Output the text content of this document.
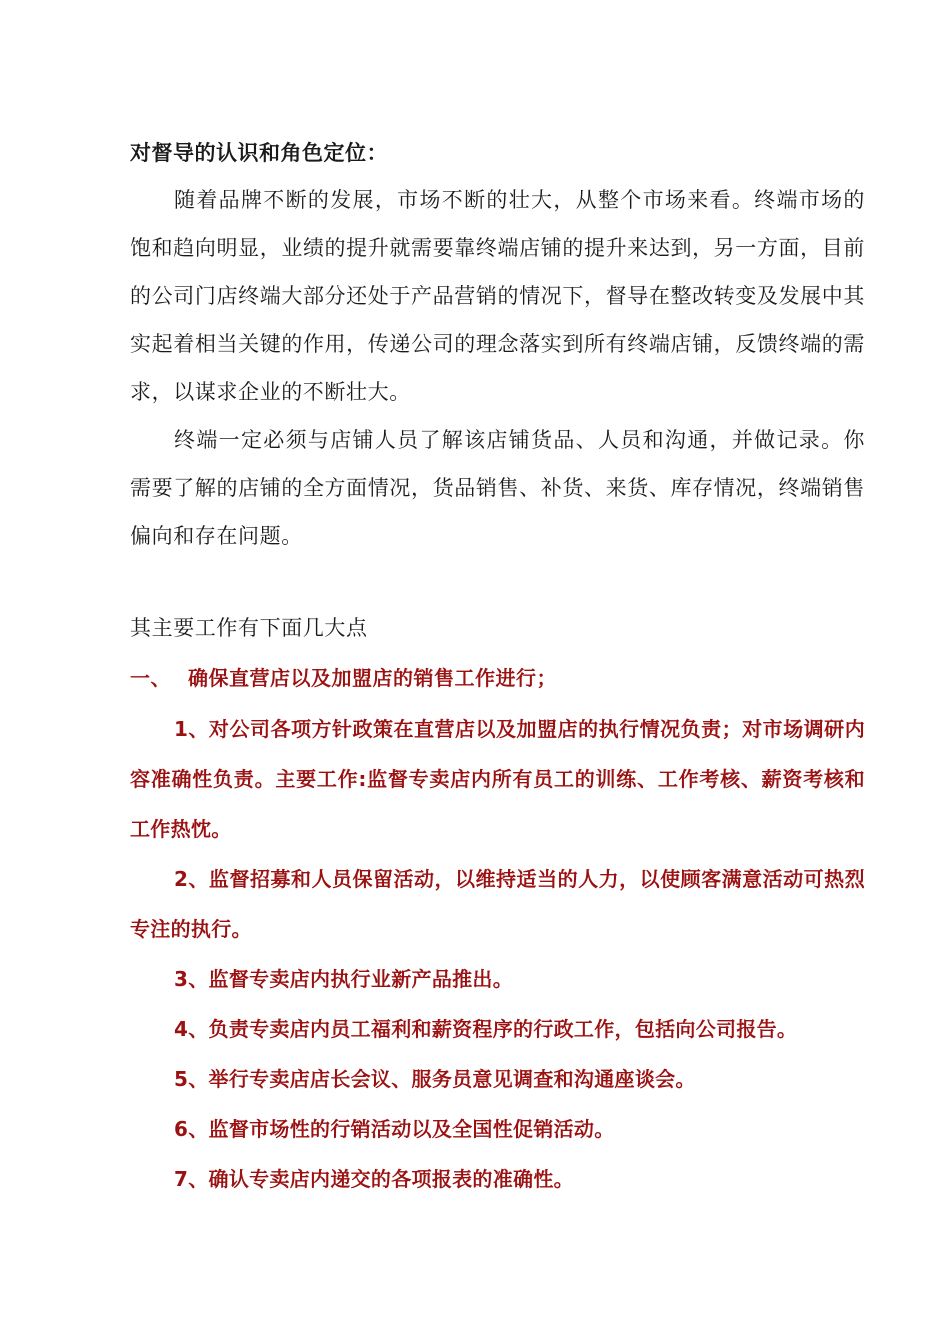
对督导的认识和角色定位：

随着品牌不断的发展，市场不断的壮大，从整个市场来看。终端市场的饱和趋向明显，业绩的提升就需要靠终端店铺的提升来达到，另一方面，目前的公司门店终端大部分还处于产品营销的情况下，督导在整改转变及发展中其实起着相当关键的作用，传递公司的理念落实到所有终端店铺，反馈终端的需求，以谋求企业的不断壮大。

终端一定必须与店铺人员了解该店铺货品、人员和沟通，并做记录。你需要了解的店铺的全方面情况，货品销售、补货、来货、库存情况，终端销售偏向和存在问题。

其主要工作有下面几大点

一、 确保直营店以及加盟店的销售工作进行；

1、对公司各项方针政策在直营店以及加盟店的执行情况负责；对市场调研内容准确性负责。主要工作:监督专卖店内所有员工的训练、工作考核、薪资考核和工作热忱。

2、监督招募和人员保留活动，以维持适当的人力，以使顾客满意活动可热烈专注的执行。

3、监督专卖店内执行业新产品推出。

4、负责专卖店内员工福利和薪资程序的行政工作，包括向公司报告。

5、举行专卖店店长会议、服务员意见调查和沟通座谈会。

6、监督市场性的行销活动以及全国性促销活动。

7、确认专卖店内递交的各项报表的准确性。
